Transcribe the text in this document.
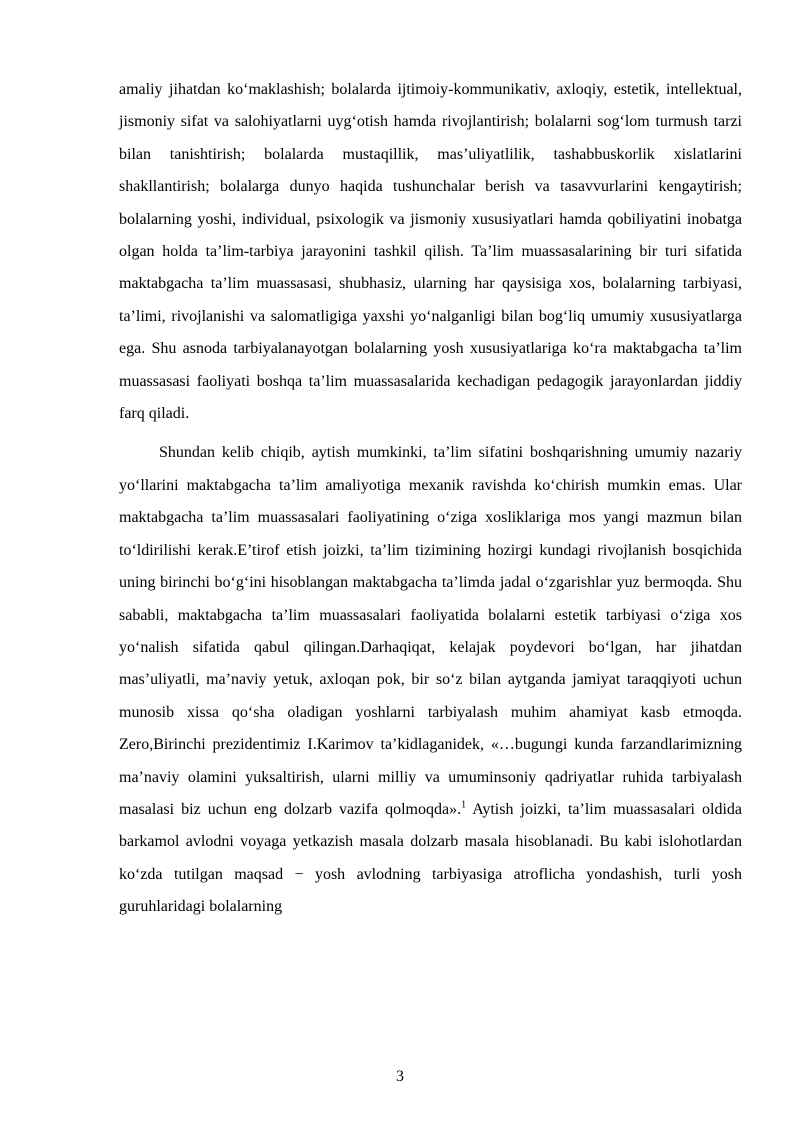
amaliy jihatdan ko‘maklashish; bolalarda ijtimoiy-kommunikativ, axloqiy, estetik, intellektual, jismoniy sifat va salohiyatlarni uyg‘otish hamda rivojlantirish; bolalarni sog‘lom turmush tarzi bilan tanishtirish; bolalarda mustaqillik, mas’uliyatlilik, tashabbuskorlik xislatlarini shakllantirish; bolalarga dunyo haqida tushunchalar berish va tasavvurlarini kengaytirish; bolalarning yoshi, individual, psixologik va jismoniy xususiyatlari hamda qobiliyatini inobatga olgan holda ta’lim-tarbiya jarayonini tashkil qilish. Ta’lim muassasalarining bir turi sifatida maktabgacha ta’lim muassasasi, shubhasiz, ularning har qaysisiga xos, bolalarning tarbiyasi, ta’limi, rivojlanishi va salomatligiga yaxshi yo‘nalganligi bilan bog‘liq umumiy xususiyatlarga ega. Shu asnoda tarbiyalanayotgan bolalarning yosh xususiyatlariga ko‘ra maktabgacha ta’lim muassasasi faoliyati boshqa ta’lim muassasalarida kechadigan pedagogik jarayonlardan jiddiy farq qiladi.

Shundan kelib chiqib, aytish mumkinki, ta’lim sifatini boshqarishning umumiy nazariy yo‘llarini maktabgacha ta’lim amaliyotiga mexanik ravishda ko‘chirish mumkin emas. Ular maktabgacha ta’lim muassasalari faoliyatining o‘ziga xosliklariga mos yangi mazmun bilan to‘ldirilishi kerak.E’tirof etish joizki, ta’lim tizimining hozirgi kundagi rivojlanish bosqichida uning birinchi bo‘g‘ini hisoblangan maktabgacha ta’limda jadal o‘zgarishlar yuz bermoqda. Shu sababli, maktabgacha ta’lim muassasalari faoliyatida bolalarni estetik tarbiyasi o‘ziga xos yo‘nalish sifatida qabul qilingan.Darhaqiqat, kelajak poydevori bo‘lgan, har jihatdan mas’uliyatli, ma’naviy yetuk, axloqan pok, bir so‘z bilan aytganda jamiyat taraqqiyoti uchun munosib xissa qo‘sha oladigan yoshlarni tarbiyalash muhim ahamiyat kasb etmoqda. Zero,Birinchi prezidentimiz I.Karimov ta’kidlaganidek, «…bugungi kunda farzandlarimizning ma’naviy olamini yuksaltirish, ularni milliy va umuminsoniy qadriyatlar ruhida tarbiyalash masalasi biz uchun eng dolzarb vazifa qolmoqda».$^1$ Aytish joizki, ta’lim muassasalari oldida barkamol avlodni voyaga yetkazish masala dolzarb masala hisoblanadi. Bu kabi islohotlardan ko‘zda tutilgan maqsad − yosh avlodning tarbiyasiga atroflicha yondashish, turli yosh guruhlaridagi bolalarning

3
